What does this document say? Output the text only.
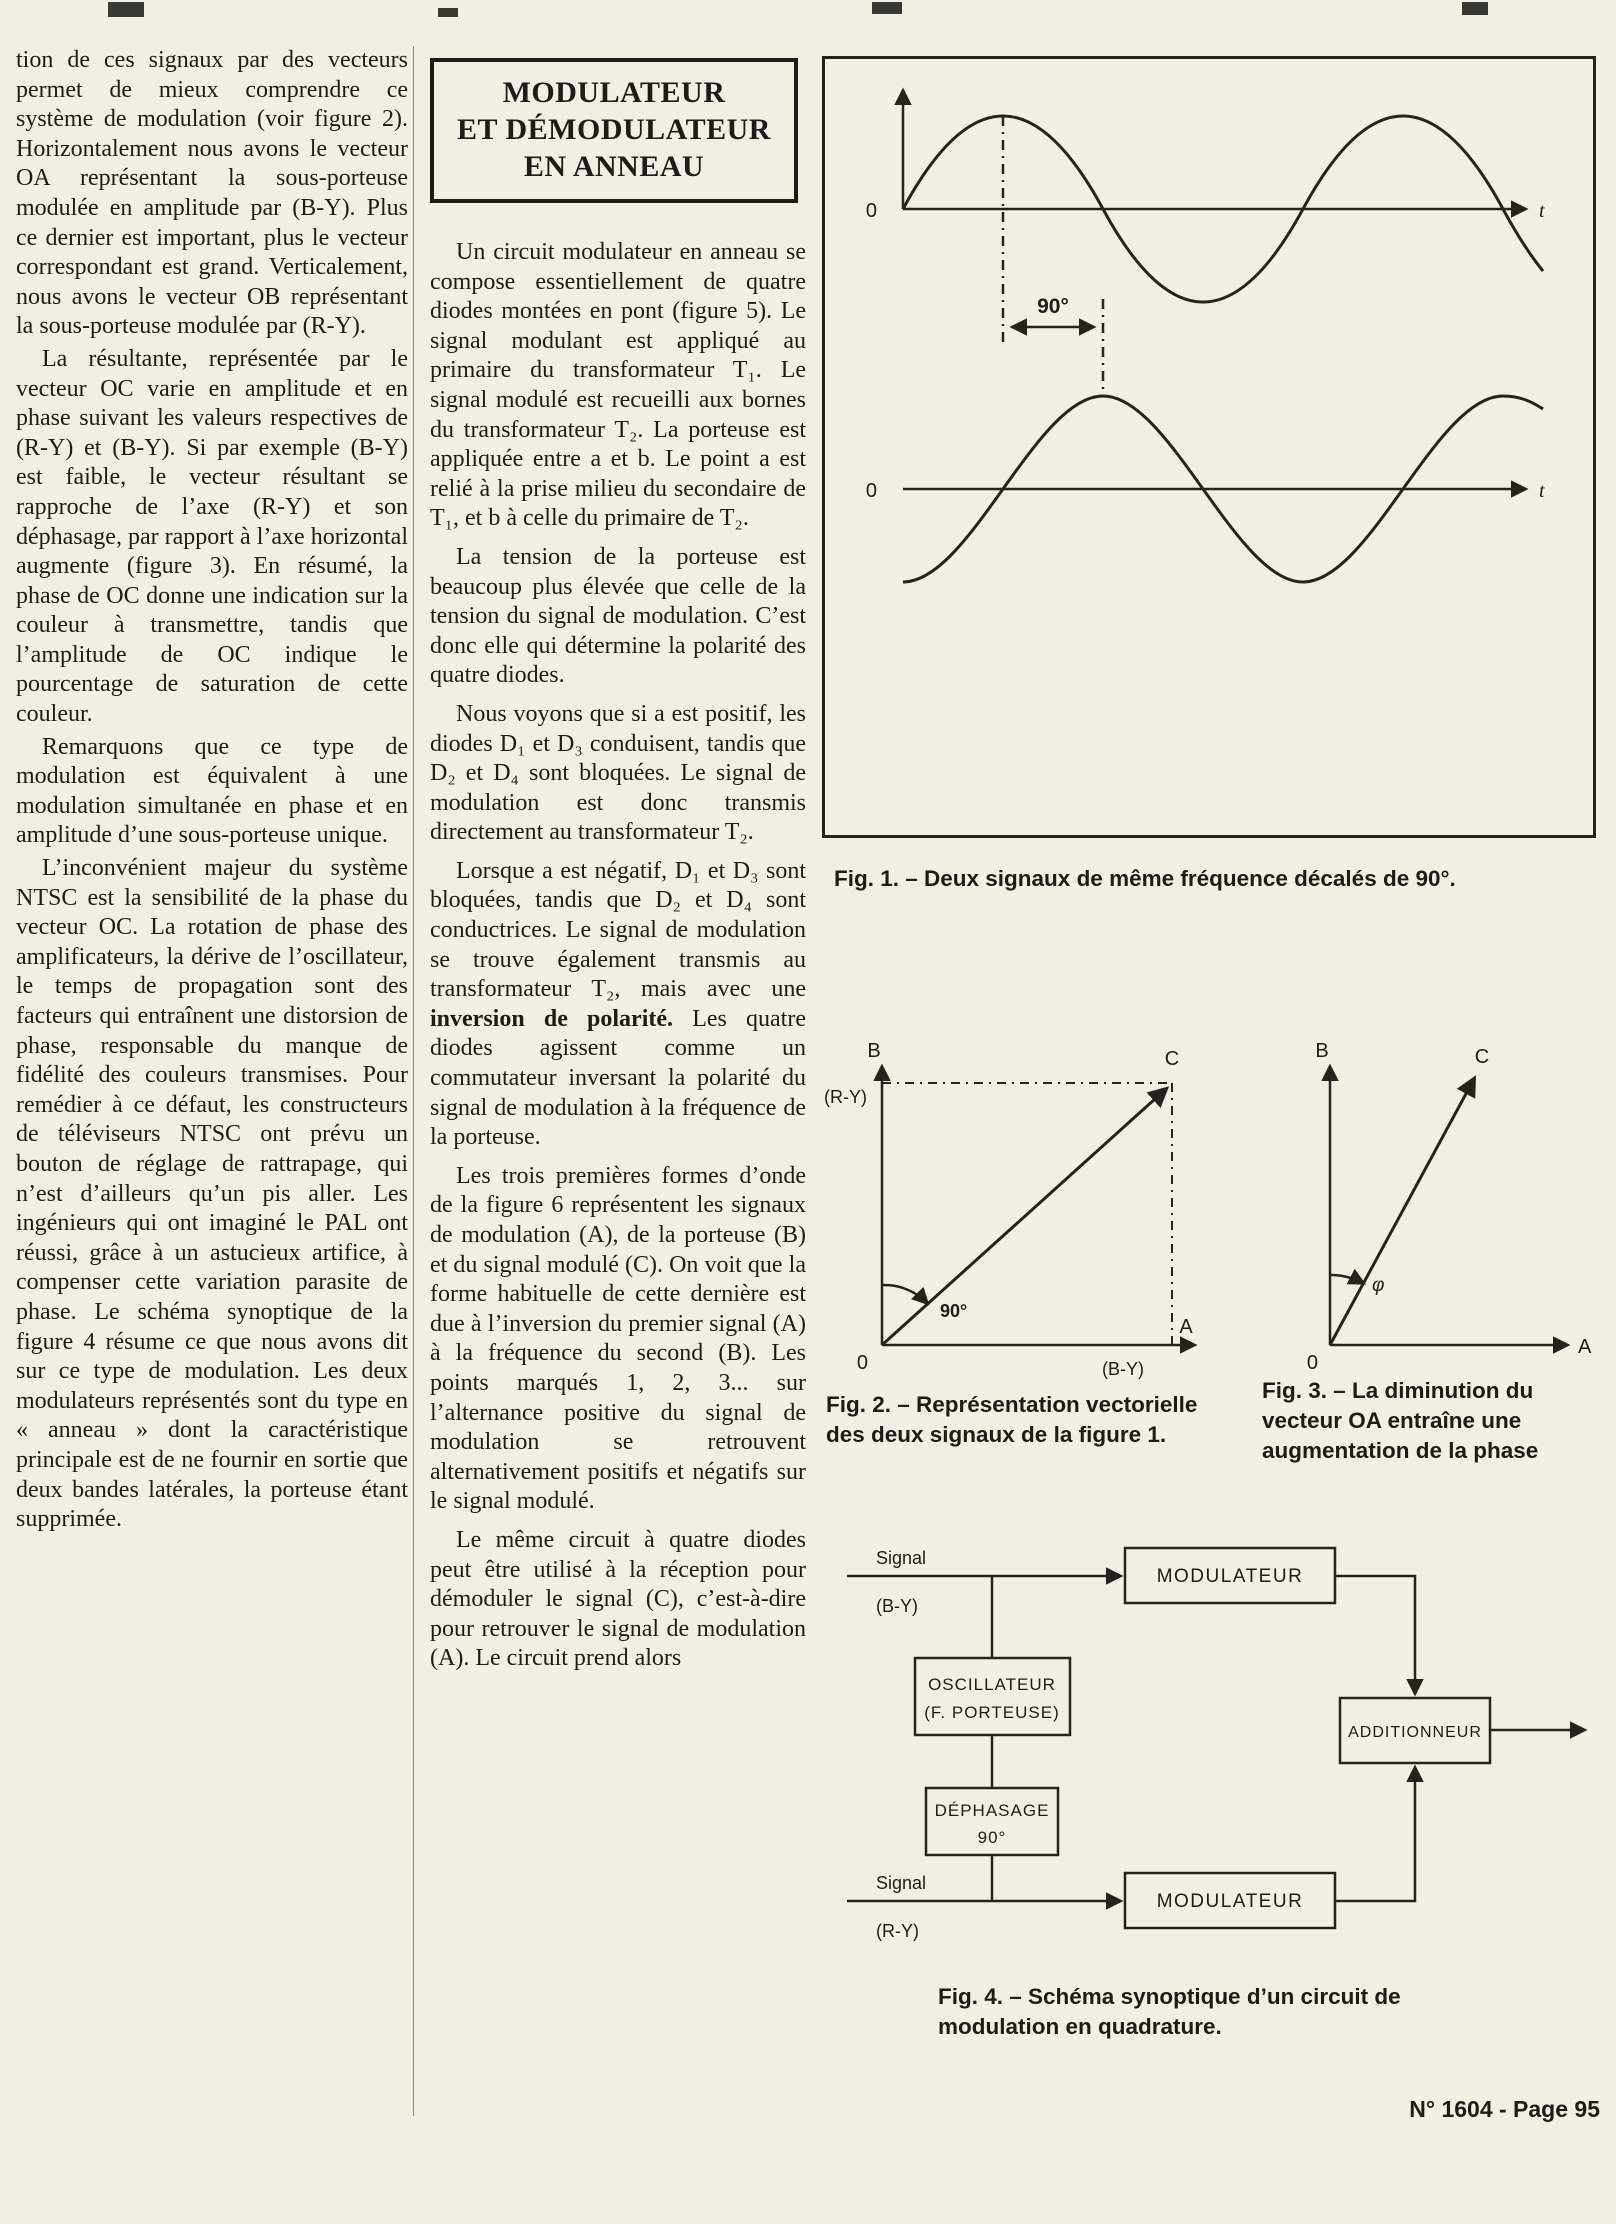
tion de ces signaux par des vecteurs permet de mieux comprendre ce système de modulation (voir figure 2). Horizontalement nous avons le vecteur OA représentant la sous-porteuse modulée en amplitude par (B-Y). Plus ce dernier est important, plus le vecteur correspondant est grand. Verticalement, nous avons le vecteur OB représentant la sous-porteuse modulée par (R-Y).

La résultante, représentée par le vecteur OC varie en amplitude et en phase suivant les valeurs respectives de (R-Y) et (B-Y). Si par exemple (B-Y) est faible, le vecteur résultant se rapproche de l’axe (R-Y) et son déphasage, par rapport à l’axe horizontal augmente (figure 3). En résumé, la phase de OC donne une indication sur la couleur à transmettre, tandis que l’amplitude de OC indique le pourcentage de saturation de cette couleur.

Remarquons que ce type de modulation est équivalent à une modulation simultanée en phase et en amplitude d’une sous-porteuse unique.

L’inconvénient majeur du système NTSC est la sensibilité de la phase du vecteur OC. La rotation de phase des amplificateurs, la dérive de l’oscillateur, le temps de propagation sont des facteurs qui entraînent une distorsion de phase, responsable du manque de fidélité des couleurs transmises. Pour remédier à ce défaut, les constructeurs de téléviseurs NTSC ont prévu un bouton de réglage de rattrapage, qui n’est d’ailleurs qu’un pis aller. Les ingénieurs qui ont imaginé le PAL ont réussi, grâce à un astucieux artifice, à compenser cette variation parasite de phase. Le schéma synoptique de la figure 4 résume ce que nous avons dit sur ce type de modulation. Les deux modulateurs représentés sont du type en « anneau » dont la caractéristique principale est de ne fournir en sortie que deux bandes latérales, la porteuse étant supprimée.

MODULATEUR
ET DÉMODULATEUR
EN ANNEAU

Un circuit modulateur en anneau se compose essentiellement de quatre diodes montées en pont (figure 5). Le signal modulant est appliqué au primaire du transformateur T₁. Le signal modulé est recueilli aux bornes du transformateur T₂. La porteuse est appliquée entre a et b. Le point a est relié à la prise milieu du secondaire de T₁, et b à celle du primaire de T₂.

La tension de la porteuse est beaucoup plus élevée que celle de la tension du signal de modulation. C’est donc elle qui détermine la polarité des quatre diodes.

Nous voyons que si a est positif, les diodes D₁ et D₃ conduisent, tandis que D₂ et D₄ sont bloquées. Le signal de modulation est donc transmis directement au transformateur T₂.

Lorsque a est négatif, D₁ et D₃ sont bloquées, tandis que D₂ et D₄ sont conductrices. Le signal de modulation se trouve également transmis au transformateur T₂, mais avec une inversion de polarité. Les quatre diodes agissent comme un commutateur inversant la polarité du signal de modulation à la fréquence de la porteuse.

Les trois premières formes d’onde de la figure 6 représentent les signaux de modulation (A), de la porteuse (B) et du signal modulé (C). On voit que la forme habituelle de cette dernière est due à l’inversion du premier signal (A) à la fréquence du second (B). Les points marqués 1, 2, 3... sur l’alternance positive du signal de modulation se retrouvent alternativement positifs et négatifs sur le signal modulé.

Le même circuit à quatre diodes peut être utilisé à la réception pour démoduler le signal (C), c’est-à-dire pour retrouver le signal de modulation (A). Le circuit prend alors

0	t
0	t
90°
Fig. 1. – Deux signaux de même fréquence décalés de 90°.
B	C
A
0
(R-Y)
(B-Y)
90°
Fig. 2. – Représentation vectorielle des deux signaux de la figure 1.
B	C
A
0
φ
Fig. 3. – La diminution du vecteur OA entraîne une augmentation de la phase
Signal
(B-Y)
MODULATEUR
OSCILLATEUR
(F. PORTEUSE)
DÉPHASAGE
90°
Signal
(R-Y)
MODULATEUR
ADDITIONNEUR
Fig. 4. – Schéma synoptique d’un circuit de modulation en quadrature.
N° 1604 - Page 95
